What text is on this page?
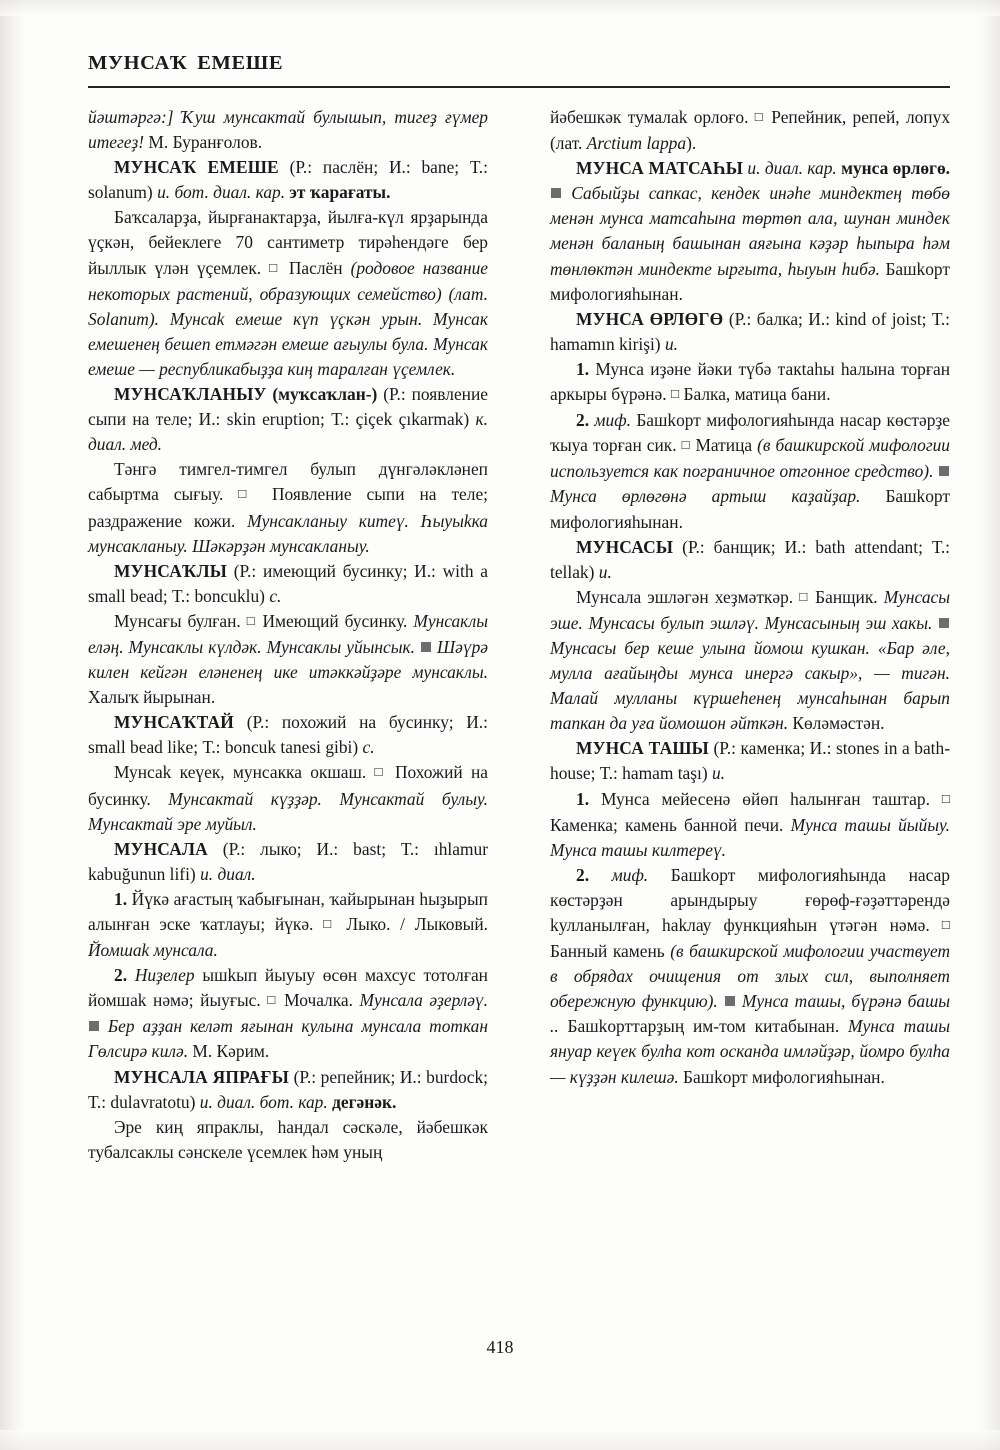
МУНСАҠ ЕМЕШЕ

йәштәргә:] Ҡуш мунсактай булышып, тигеҙ ғүмер итегеҙ! М. Буранғолов.

МУНСАҠ ЕМЕШЕ (Р.: паслён; И.: bane; Т.: solanum) и. бот. диал. кар. эт ҡарағаты.

Баҡсаларҙа, йырғанактарҙа, йылға-күл ярҙарында үçкән, бейеклеге 70 сантиметр тирәһендәге бер йыллык үлән үçемлек. □ Паслён (родовое название некоторых растений, образующих семейство) (лат. Solanum). Мунсаk емеше күп үçкән урын. Мунсак емешенең бешеп етмәгән емеше ағыулы була. Мунсак емеше — республикабыҙҙа киң таралған үçемлек.

МУНСАҠЛАНЫУ (муҡсаҡлан-) (Р.: появление сыпи на теле; И.: skin eruption; Т.: çiçek çıkarmak) к. диал. мед.

Тәнгә тимгел-тимгел булып дүнгәләкләнеп сабыртма сығыу. □ Появление сыпи на теле; раздражение кожи. Мунсакланыу китеү. Һыуыkка мунсакланыу. Шәкәрҙән мунсакланыу.

МУНСАҠЛЫ (Р.: имеющий бусинку; И.: with a small bead; Т.: boncuklu) с.

Мунсағы булған. □ Имеющий бусинку. Мунсаклы еләң. Мунсаклы күлдәк. Мунсаклы уйынсык.  Шәүрә килен кейгән еләненең ике итәккәйҙәре мунсаклы. Халыҡ йырынан.

МУНСАҠТАЙ (Р.: похожий на бусинку; И.: small bead like; Т.: boncuk tanesi gibi) с.

Мунсаk кеүек, мунсакка окшаш. □ Похожий на бусинку. Мунсактай күҙҙәр. Мунсактай булыу. Мунсактай эре муйыл.

МУНСАЛА (Р.: лыко; И.: bast; Т.: ıhlamur kabuğunun lifi) и. диал.

1. Йүкә ағастың ҡабығынан, ҡайырынан һыҙырып алынған эске ҡатлауы; йүкә. □ Лыко. / Лыковый. Йомшаk мунсала.

2. Ниҙелер ышkып йыуыу өсөн махсус тотолған йомшаk нәмә; йыуғыс. □ Мочалка. Мунсала әҙерләү.  Бер аҙҙан келәт яғынан кулына мунсала тоткан Гөлсирә килә. М. Кәрим.

МУНСАЛА ЯПРАҒЫ (Р.: репейник; И.: burdock; Т.: dulavratotu) и. диал. бот. кар. дегәнәк.

Эре киң япраклы, һандал сәскәле, йәбешкәк тубалсаклы сәнскеле үсемлек һәм уның

йәбешкәк тумалаk орлоғо. □ Репейник, репей, лопух (лат. Arctium lappa).

МУНСА МАТСАҺЫ и. диал. кар. мунса өрлөгө.  Сабыйҙы сапкас, кендек инәһе миндектең төбө менән мунса матсаһына төртөп ала, шунан миндек менән баланың башынан аяғына кәҙәр һыпыра һәм төнлөктән миндекте ырғыта, һыуын һибә. Башkорт мифологияһынан.

МУНСА ӨРЛӨГӨ (Р.: балка; И.: kind of joist; Т.: hamamın kirişi) и.

1. Мунса иҙәне йәки түбә такtаһы һалына торған аркыры бүрәнә. □ Балка, матица бани.

2. миф. Башkорт мифологияһында насар көстәрҙе ҡыуа торған сик. □ Матица (в башкирской мифологии используется как пограничное отгонное средство).  Мунса өрлөгөнә артыш каҙайҙар. Башkорт мифологияһынан.

МУНСАСЫ (Р.: банщик; И.: bath attendant; Т.: tellak) и.

Мунсала эшләгән хеҙмәткәр. □ Банщик. Мунсасы эше. Мунсасы булып эшләү. Мунсасының эш хакы.  Мунсасы бер кеше улына йомош кушкан. «Бар әле, мулла ағайыңды мунса инергә сакыр», — тигән. Малай мулланы күршеһенең мунсаһынан барып тапкан да уға йомошон әйткән. Көләмәстән.

МУНСА ТАШЫ (Р.: каменка; И.: stones in a bath-house; Т.: hamam taşı) и.

1. Мунса мейесенә өйөп һалынған таштар. □ Каменка; камень банной печи. Мунса ташы йыйыу. Мунса ташы килтереү.

2. миф. Башkорт мифологияһында насар көстәрҙән арындырыу ғөрөф-ғәҙәттәрендә kулланылған, һаkлау функцияһын үтәгән нәмә. □ Банный камень (в башкирской мифологии участвует в обрядах очищения от злых сил, выполняет обережную функцию).  Мунса ташы, бүрәнә башы .. Башkорттарҙың им-том китабынан. Мунса ташы януар кеүек булһа кот осканда имләйҙәр, йомро булһа — күҙҙән килешә. Башkорт мифологияһынан.

418
